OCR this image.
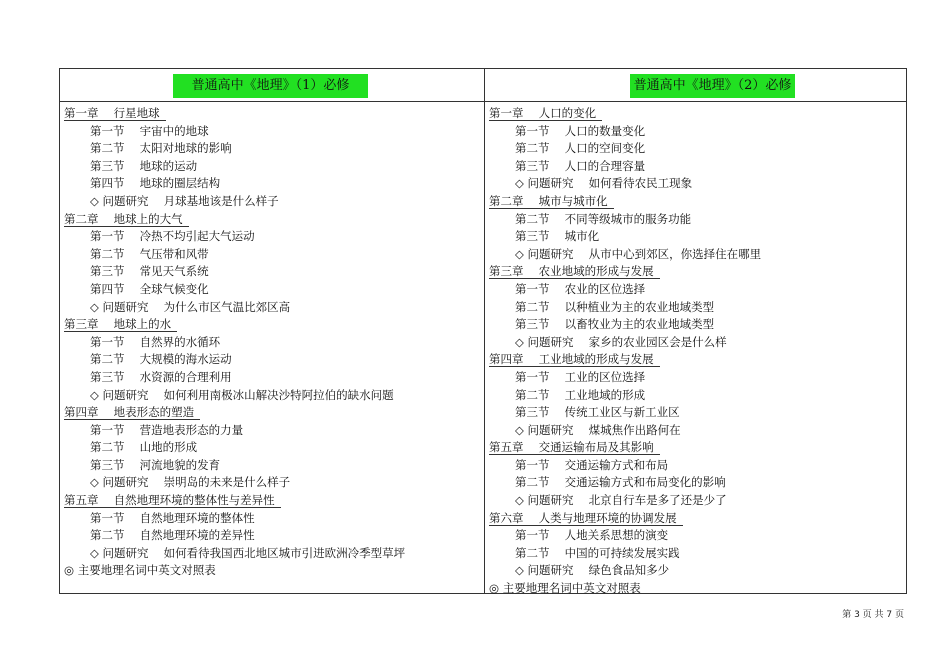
普通高中《地理》（1）必修
第一章　 行星地球
第一节　 宇宙中的地球
第二节　 太阳对地球的影响
第三节　 地球的运动
第四节　 地球的圈层结构
◇ 问题研究　 月球基地该是什么样子
第二章　 地球上的大气
第一节　 冷热不均引起大气运动
第二节　 气压带和风带
第三节　 常见天气系统
第四节　 全球气候变化
◇ 问题研究　 为什么市区气温比郊区高
第三章　 地球上的水
第一节　 自然界的水循环
第二节　 大规模的海水运动
第三节　 水资源的合理利用
◇ 问题研究　 如何利用南极冰山解决沙特阿拉伯的缺水问题
第四章　 地表形态的塑造
第一节　 营造地表形态的力量
第二节　 山地的形成
第三节　 河流地貌的发育
◇ 问题研究　 崇明岛的未来是什么样子
第五章　 自然地理环境的整体性与差异性
第一节　 自然地理环境的整体性
第二节　 自然地理环境的差异性
◇ 问题研究　 如何看待我国西北地区城市引进欧洲冷季型草坪
◎ 主要地理名词中英文对照表
普通高中《地理》（2）必修
第一章　 人口的变化
第一节　 人口的数量变化
第二节　 人口的空间变化
第三节　 人口的合理容量
◇ 问题研究　 如何看待农民工现象
第二章　 城市与城市化
第二节　 不同等级城市的服务功能
第三节　 城市化
◇ 问题研究　 从市中心到郊区，你选择住在哪里
第三章　 农业地域的形成与发展
第一节　 农业的区位选择
第二节　 以种植业为主的农业地域类型
第三节　 以畜牧业为主的农业地域类型
◇ 问题研究　 家乡的农业园区会是什么样
第四章　 工业地域的形成与发展
第一节　 工业的区位选择
第二节　 工业地域的形成
第三节　 传统工业区与新工业区
◇ 问题研究　 煤城焦作出路何在
第五章　 交通运输布局及其影响
第一节　 交通运输方式和布局
第二节　 交通运输方式和布局变化的影响
◇ 问题研究　 北京自行车是多了还是少了
第六章　 人类与地理环境的协调发展
第一节　 人地关系思想的演变
第二节　 中国的可持续发展实践
◇ 问题研究　 绿色食品知多少
◎ 主要地理名词中英文对照表
第 3 页 共 7 页
